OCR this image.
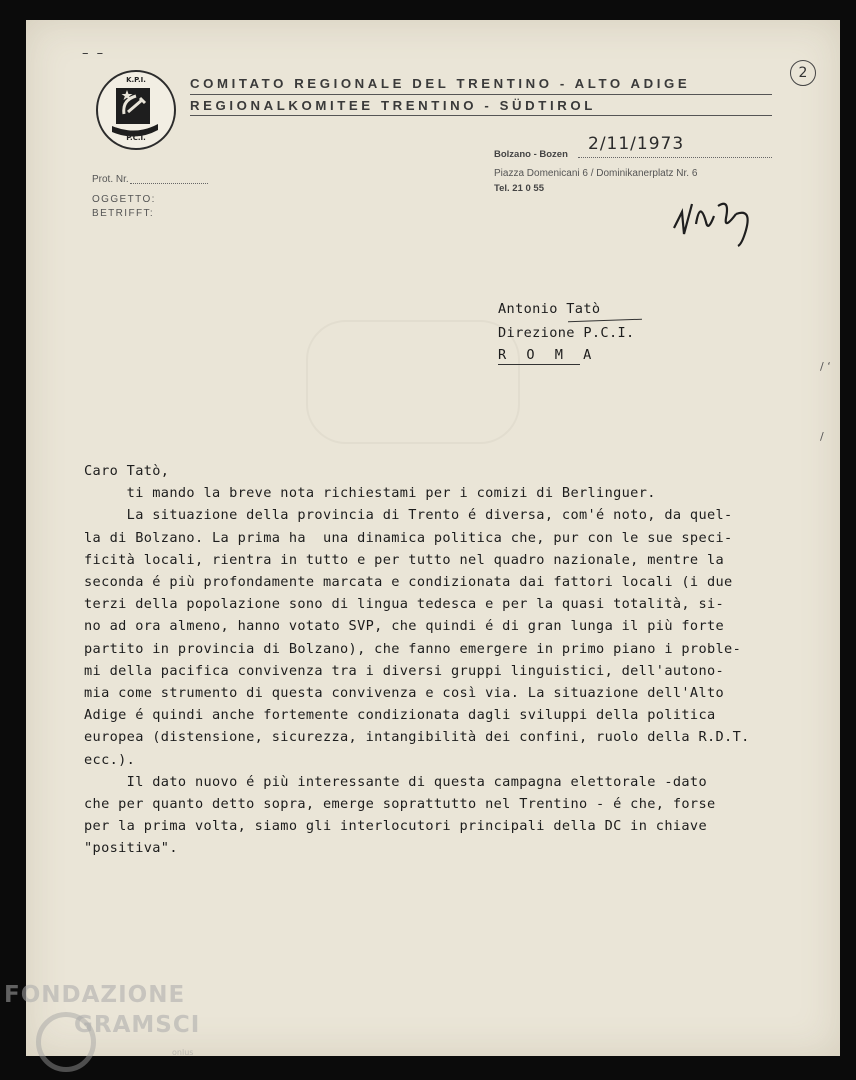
– –
K.P.I.
P.C.I.
COMITATO REGIONALE DEL TRENTINO - ALTO ADIGE
REGIONALKOMITEE TRENTINO - SÜDTIROL
2
Prot. Nr.
OGGETTO:
BETRIFFT:
Bolzano - Bozen
2/11/1973
Piazza Domenicani 6 / Dominikanerplatz Nr. 6
Tel. 21 0 55
Antonio Tatò
Direzione P.C.I.
R O M A
/ ‘
/
Caro Tatò,
ti mando la breve nota richiestami per i comizi di Berlinguer.
La situazione della provincia di Trento é diversa, com'é noto, da quel-
la di Bolzano. La prima ha  una dinamica politica che, pur con le sue speci-
ficità locali, rientra in tutto e per tutto nel quadro nazionale, mentre la
seconda é più profondamente marcata e condizionata dai fattori locali (i due
terzi della popolazione sono di lingua tedesca e per la quasi totalità, si-
no ad ora almeno, hanno votato SVP, che quindi é di gran lunga il più forte
partito in provincia di Bolzano), che fanno emergere in primo piano i proble-
mi della pacifica convivenza tra i diversi gruppi linguistici, dell'autono-
mia come strumento di questa convivenza e così via. La situazione dell'Alto
Adige é quindi anche fortemente condizionata dagli sviluppi della politica
europea (distensione, sicurezza, intangibilità dei confini, ruolo della R.D.T.
ecc.).
Il dato nuovo é più interessante di questa campagna elettorale -dato
che per quanto detto sopra, emerge soprattutto nel Trentino - é che, forse
per la prima volta, siamo gli interlocutori principali della DC in chiave
"positiva".
FONDAZIONE
GRAMSCI
onlus
